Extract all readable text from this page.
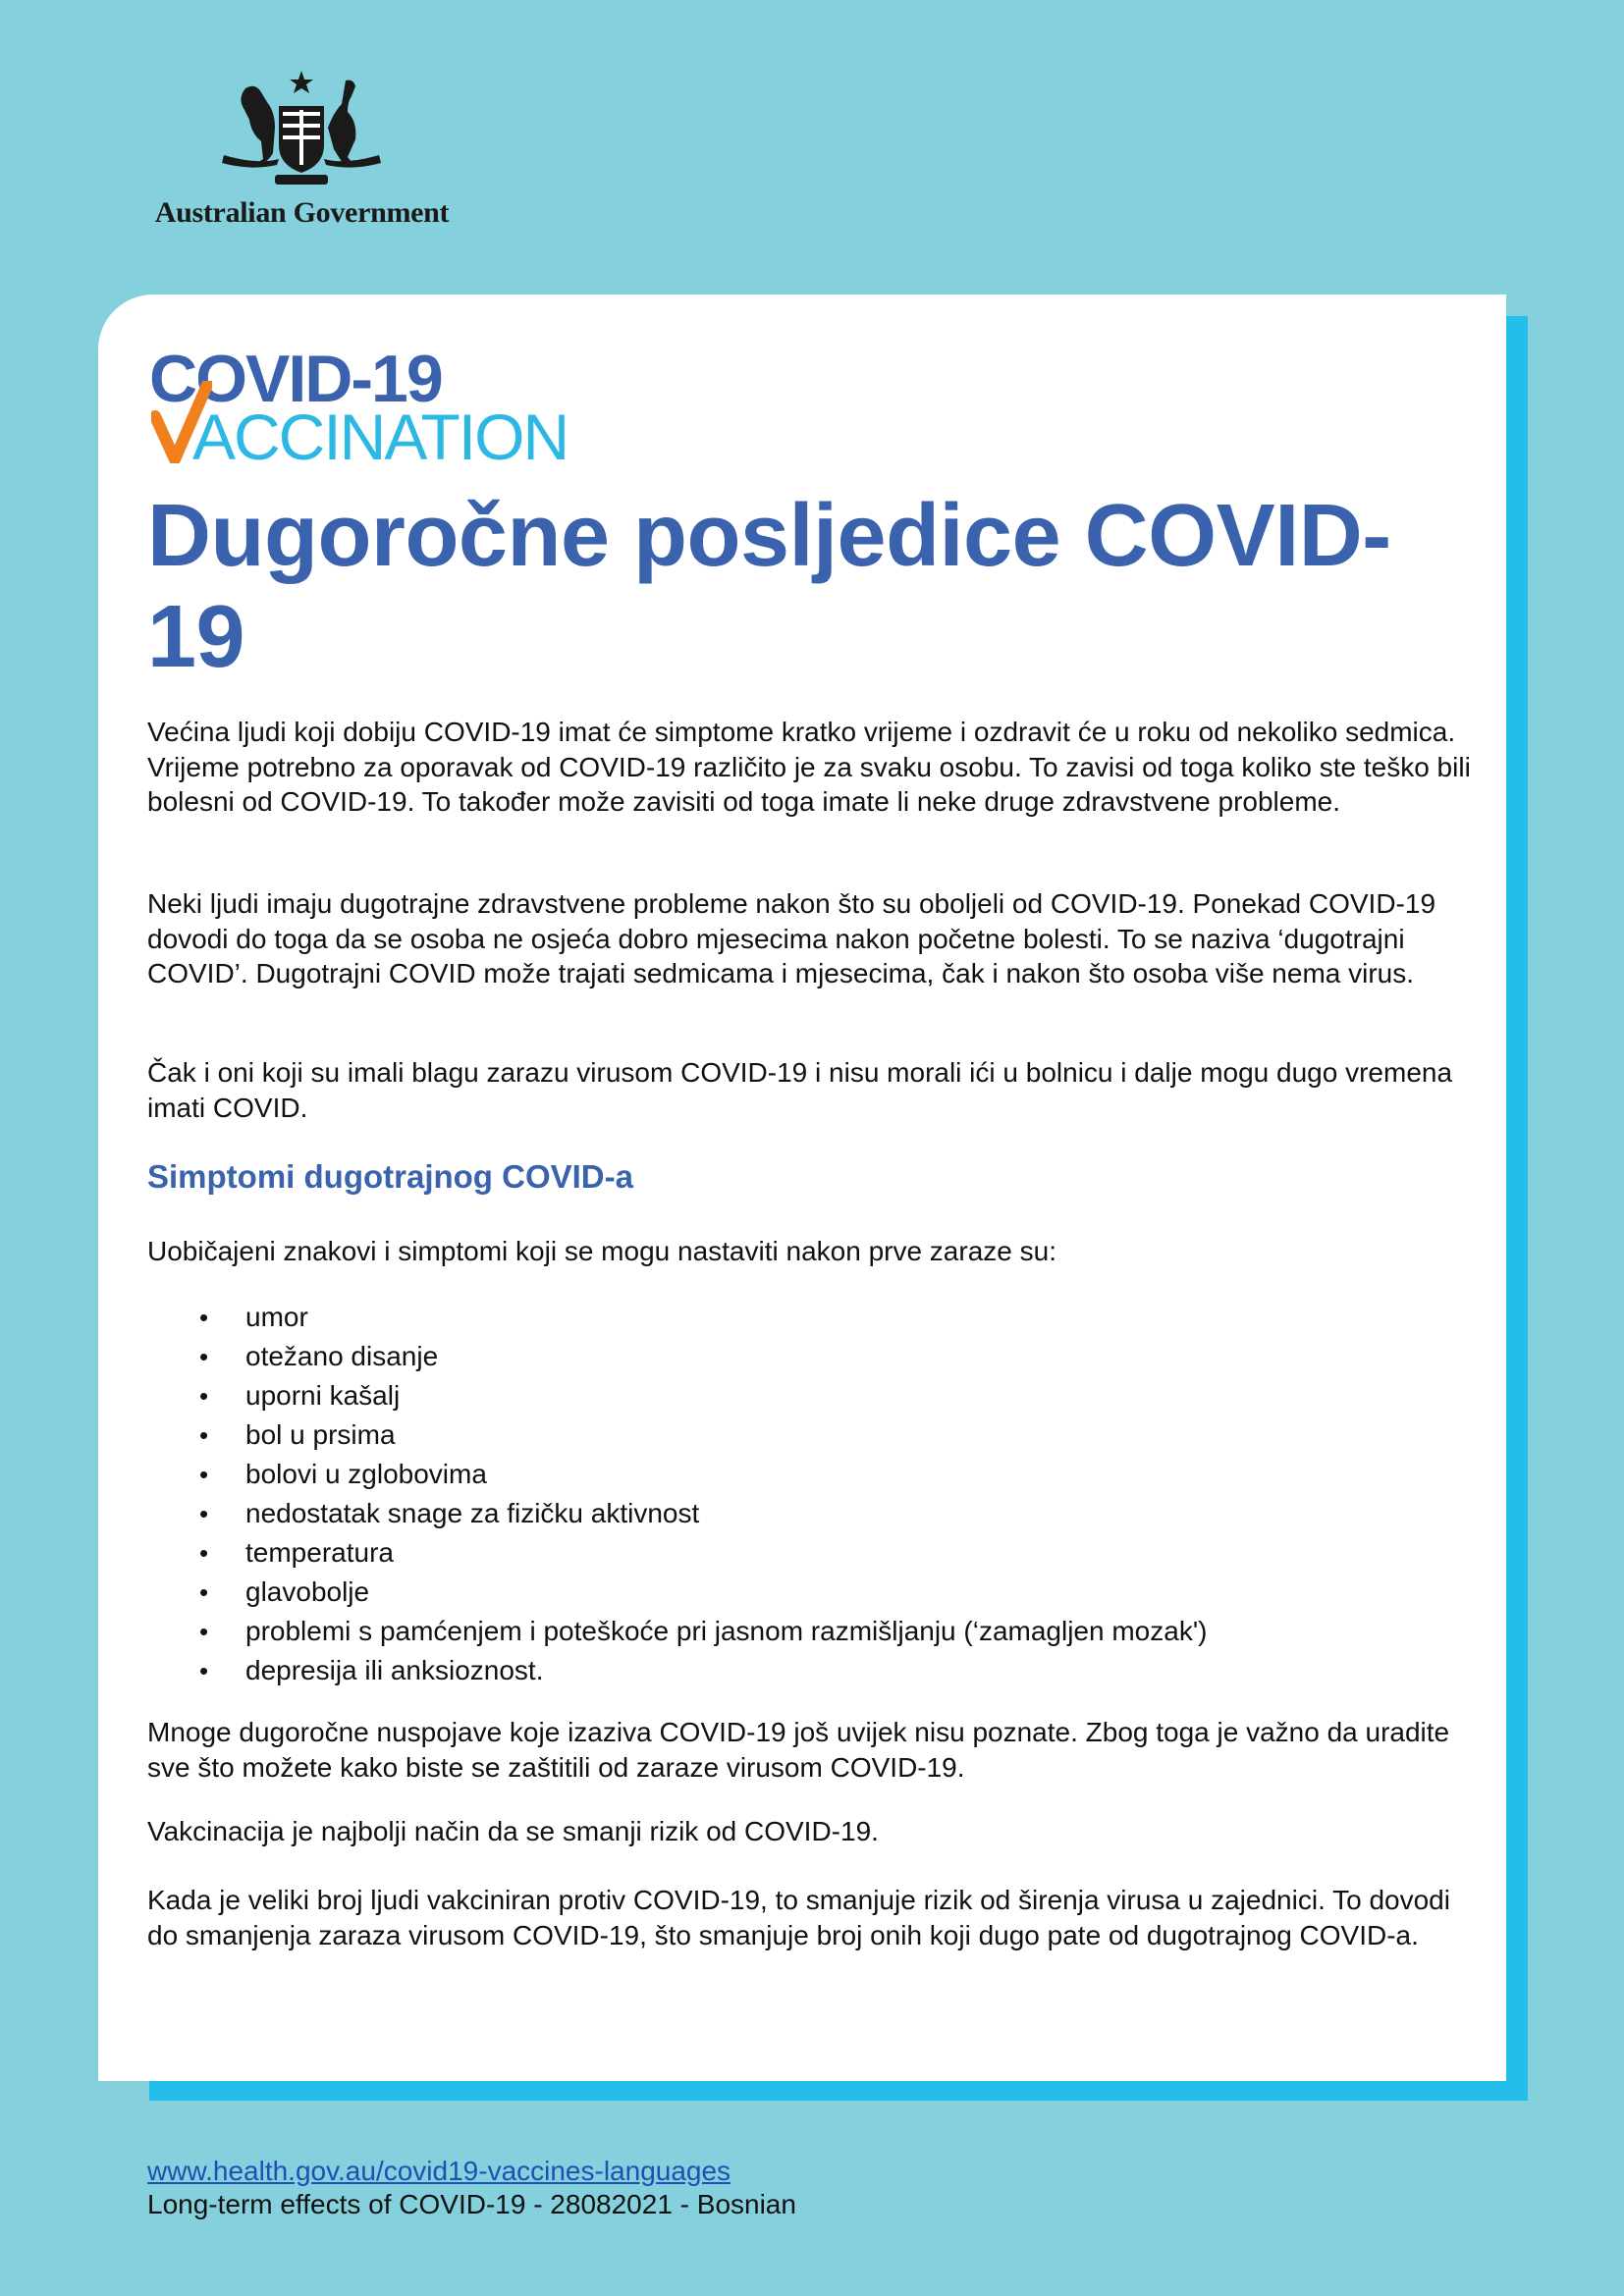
Australian Government
COVID-19
ACCINATION
Dugoročne posljedice COVID-
19

Većina ljudi koji dobiju COVID-19 imat će simptome kratko vrijeme i ozdravit će u roku od nekoliko sedmica. Vrijeme potrebno za oporavak od COVID-19 različito je za svaku osobu. To zavisi od toga koliko ste teško bili bolesni od COVID-19. To također može zavisiti od toga imate li neke druge zdravstvene probleme.

Neki ljudi imaju dugotrajne zdravstvene probleme nakon što su oboljeli od COVID-19. Ponekad COVID-19 dovodi do toga da se osoba ne osjeća dobro mjesecima nakon početne bolesti. To se naziva ‘dugotrajni COVID’. Dugotrajni COVID može trajati sedmicama i mjesecima, čak i nakon što osoba više nema virus.

Čak i oni koji su imali blagu zarazu virusom COVID-19 i nisu morali ići u bolnicu i dalje mogu dugo vremena imati COVID.

Simptomi dugotrajnog COVID-a

Uobičajeni znakovi i simptomi koji se mogu nastaviti nakon prve zaraze su:

• umor
• otežano disanje
• uporni kašalj
• bol u prsima
• bolovi u zglobovima
• nedostatak snage za fizičku aktivnost
• temperatura
• glavobolje
• problemi s pamćenjem i poteškoće pri jasnom razmišljanju (‘zamagljen mozak')
• depresija ili anksioznost.

Mnoge dugoročne nuspojave koje izaziva COVID-19 još uvijek nisu poznate. Zbog toga je važno da uradite sve što možete kako biste se zaštitili od zaraze virusom COVID-19.

Vakcinacija je najbolji način da se smanji rizik od COVID-19.

Kada je veliki broj ljudi vakciniran protiv COVID-19, to smanjuje rizik od širenja virusa u zajednici. To dovodi do smanjenja zaraza virusom COVID-19, što smanjuje broj onih koji dugo pate od dugotrajnog COVID-a.

www.health.gov.au/covid19-vaccines-languages
Long-term effects of COVID-19 - 28082021 - Bosnian
